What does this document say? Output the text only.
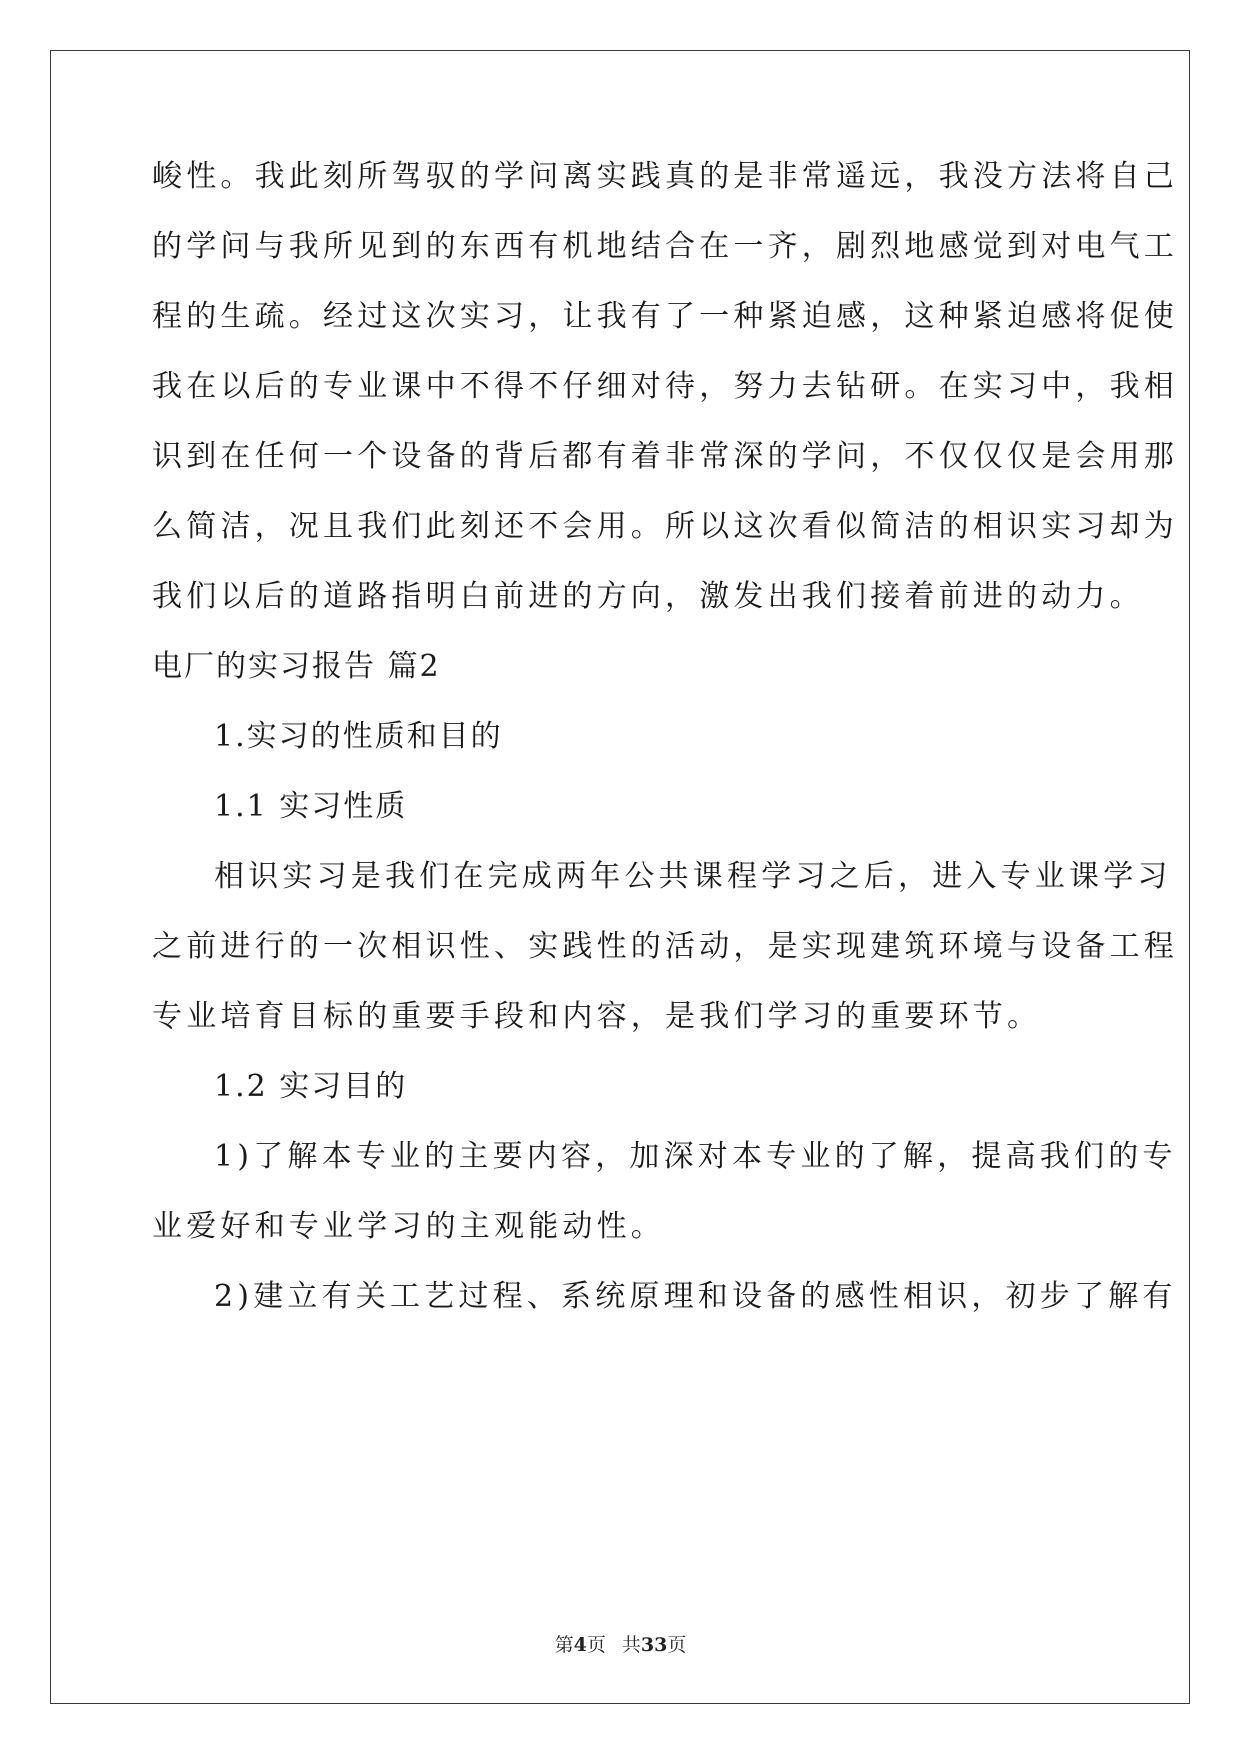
峻性。我此刻所驾驭的学问离实践真的是非常遥远，我没方法将自己
的学问与我所见到的东西有机地结合在一齐，剧烈地感觉到对电气工
程的生疏。经过这次实习，让我有了一种紧迫感，这种紧迫感将促使
我在以后的专业课中不得不仔细对待，努力去钻研。在实习中，我相
识到在任何一个设备的背后都有着非常深的学问，不仅仅仅是会用那
么简洁，况且我们此刻还不会用。所以这次看似简洁的相识实习却为
我们以后的道路指明白前进的方向，激发出我们接着前进的动力。
电厂的实习报告 篇2
1.实习的性质和目的
1.1 实习性质
相识实习是我们在完成两年公共课程学习之后，进入专业课学习
之前进行的一次相识性、实践性的活动，是实现建筑环境与设备工程
专业培育目标的重要手段和内容，是我们学习的重要环节。
1.2 实习目的
1)了解本专业的主要内容，加深对本专业的了解，提高我们的专
业爱好和专业学习的主观能动性。
2)建立有关工艺过程、系统原理和设备的感性相识，初步了解有
第4页 共33页
